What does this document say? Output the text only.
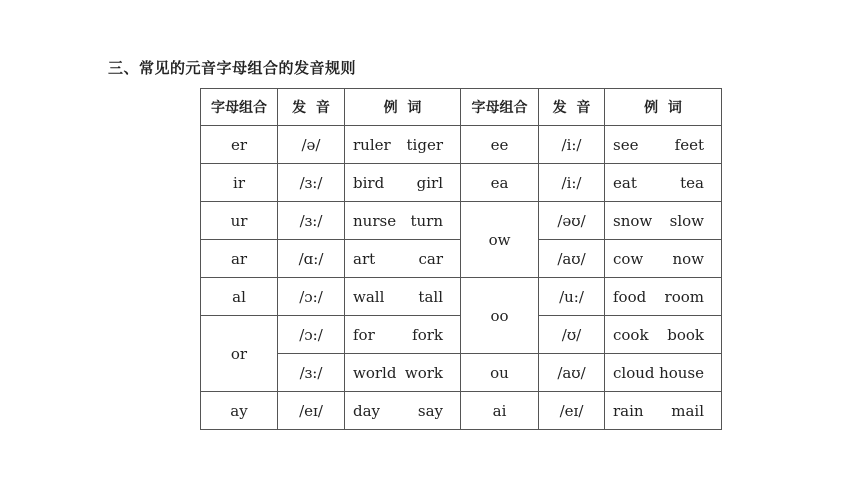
三、常见的元音字母组合的发音规则
字母组合	发  音	例  词	字母组合	发  音	例  词
er	/ə/	ruler tiger	ee	/i:/	see feet

ir	/ɜ:/	bird girl	ea	/i:/	eat tea

ur	/ɜ:/	nurse turn	ow	/əʊ/	snow slow

ar	/ɑ:/	art car		/aʊ/	cow now

al	/ɔ:/	wall tall	oo	/u:/	food room

or	/ɔ:/	for fork		/ʊ/	cook book

	/ɜ:/	world work	ou	/aʊ/	cloud house

ay	/eɪ/	day say	ai	/eɪ/	rain mail
